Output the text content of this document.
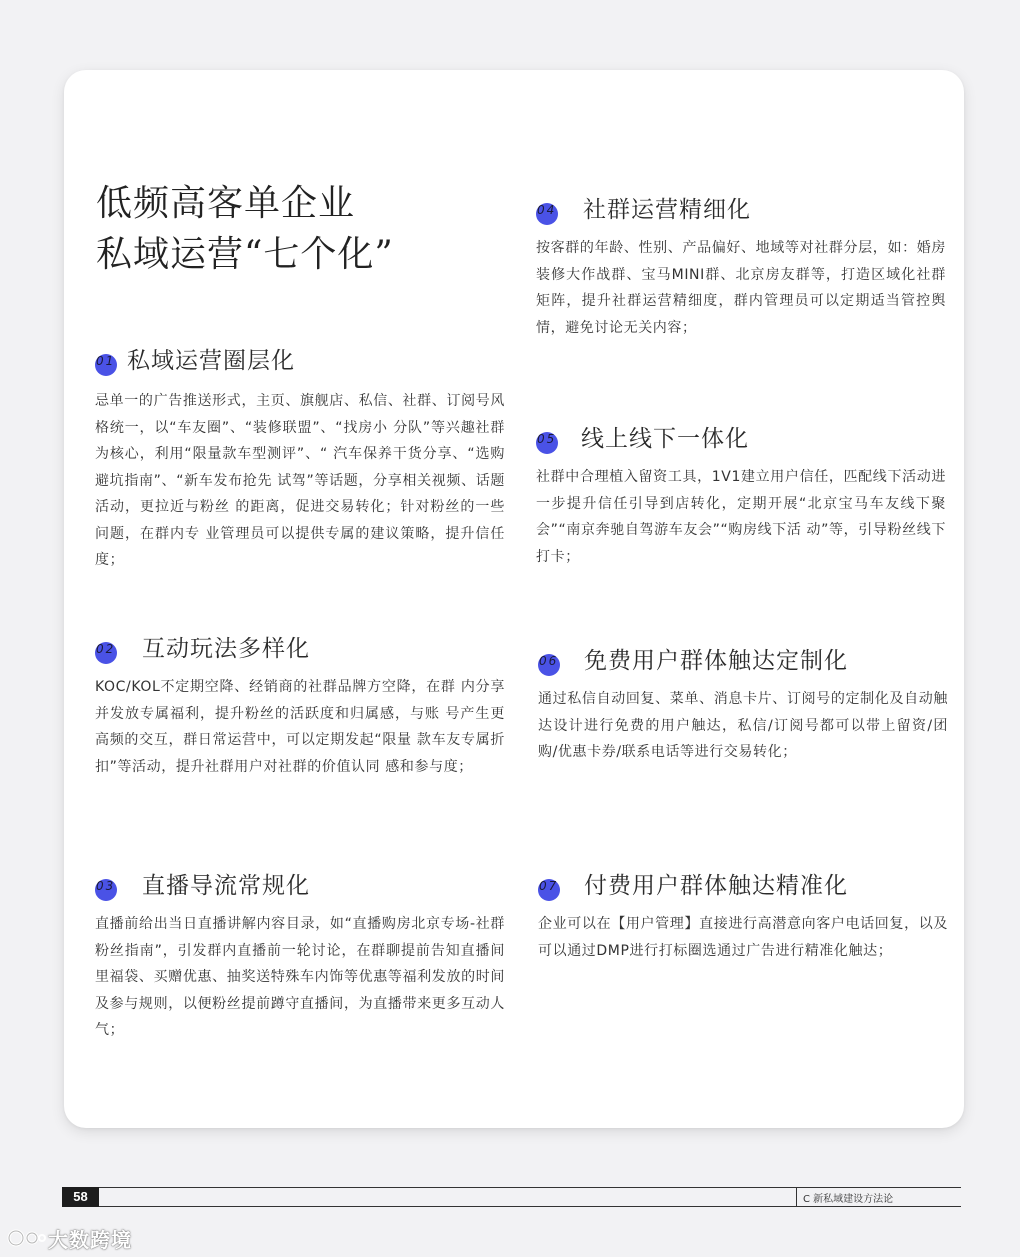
低频高客单企业
私域运营“七个化”
01 私域运营圈层化

忌单一的广告推送形式，主页、旗舰店、私信、社群、订阅号风格统一，以“车友圈”、“装修联盟”、“找房小 分队”等兴趣社群为核心，利用“限量款车型测评”、“ 汽车保养干货分享、“选购避坑指南”、“新车发布抢先 试驾”等话题，分享相关视频、话题活动，更拉近与粉丝 的距离，促进交易转化；针对粉丝的一些问题，在群内专 业管理员可以提供专属的建议策略，提升信任度；

02 互动玩法多样化

KOC/KOL不定期空降、经销商的社群品牌方空降，在群 内分享并发放专属福利，提升粉丝的活跃度和归属感，与账 号产生更高频的交互，群日常运营中，可以定期发起“限量 款车友专属折扣”等活动，提升社群用户对社群的价值认同 感和参与度；

03 直播导流常规化

直播前给出当日直播讲解内容目录，如“直播购房北京专场-社群粉丝指南”，引发群内直播前一轮讨论，在群聊提前告知直播间里福袋、买赠优惠、抽奖送特殊车内饰等优惠等福利发放的时间及参与规则，以便粉丝提前蹲守直播间，为直播带来更多互动人气；

04 社群运营精细化

按客群的年龄、性别、产品偏好、地域等对社群分层，如：婚房装修大作战群、宝马MINI群、北京房友群等，打造区域化社群矩阵，提升社群运营精细度，群内管理员可以定期适当管控舆情，避免讨论无关内容；

05 线上线下一体化

社群中合理植入留资工具，1V1建立用户信任，匹配线下活动进一步提升信任引导到店转化，定期开展“北京宝马车友线下聚会”“南京奔驰自驾游车友会”“购房线下活 动”等，引导粉丝线下打卡；

06 免费用户群体触达定制化

通过私信自动回复、菜单、消息卡片、订阅号的定制化及自动触达设计进行免费的用户触达，私信/订阅号都可以带上留资/团购/优惠卡券/联系电话等进行交易转化；

07 付费用户群体触达精准化

企业可以在【用户管理】直接进行高潜意向客户电话回复，以及可以通过DMP进行打标圈选通过广告进行精准化触达；

58	C 新私域建设方法论
大数跨境
